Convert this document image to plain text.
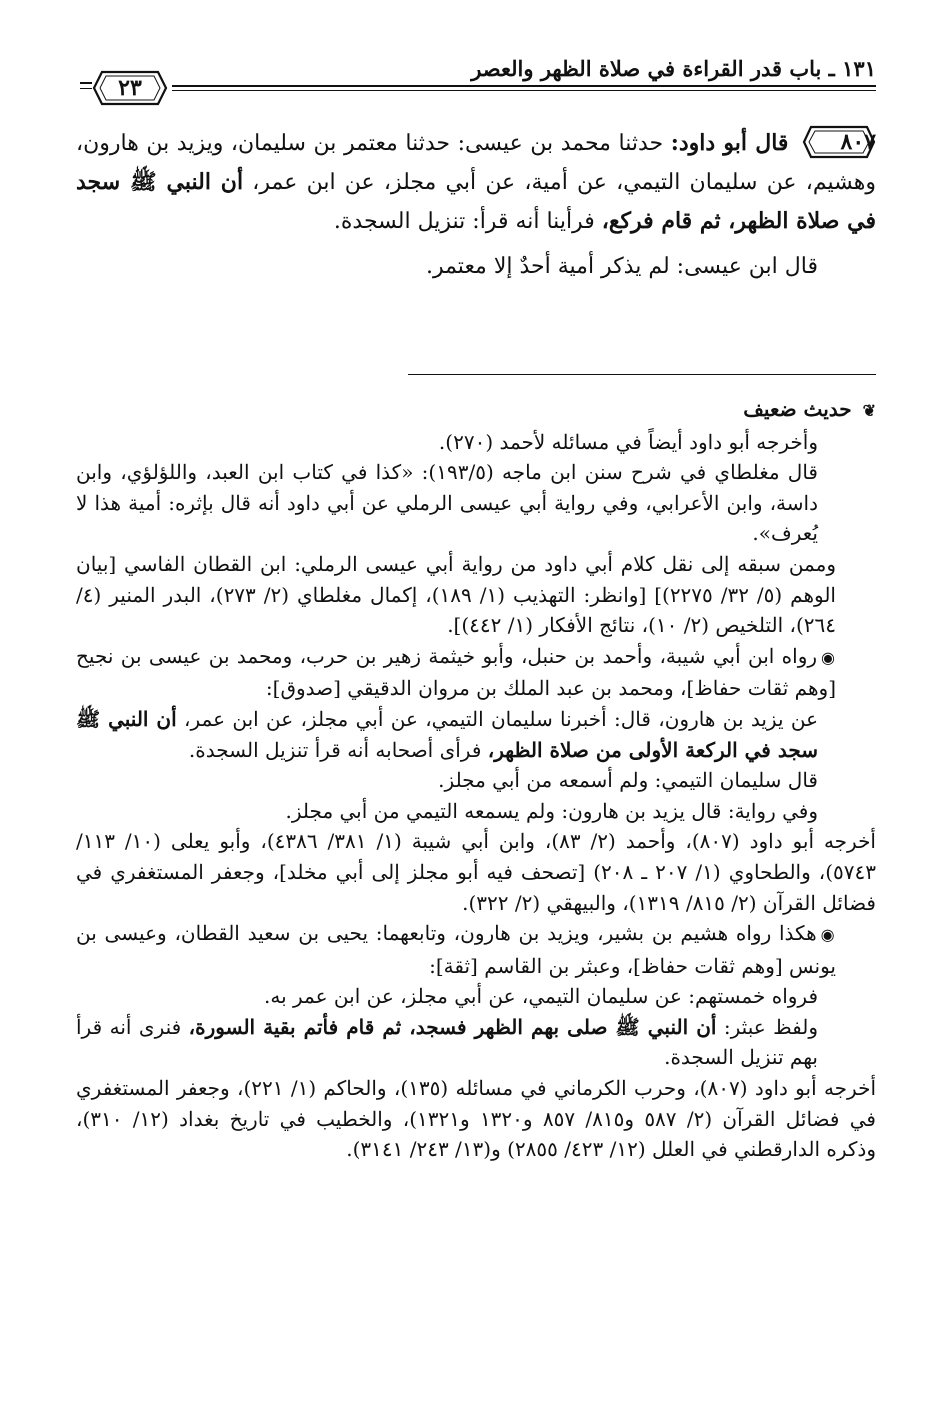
١٣١ ـ باب قدر القراءة في صلاة الظهر والعصر
٢٣

٨٠٧
قال أبو داود: حدثنا محمد بن عيسى: حدثنا معتمر بن سليمان، ويزيد بن هارون، وهشيم، عن سليمان التيمي، عن أمية، عن أبي مجلز، عن ابن عمر، أن النبي ﷺ سجد في صلاة الظهر، ثم قام فركع، فرأينا أنه قرأ: تنزيل السجدة.

قال ابن عيسى: لم يذكر أمية أحدٌ إلا معتمر.

❦ حديث ضعيف

وأخرجه أبو داود أيضاً في مسائله لأحمد (٢٧٠).

قال مغلطاي في شرح سنن ابن ماجه (١٩٣/٥): «كذا في كتاب ابن العبد، واللؤلؤي، وابن داسة، وابن الأعرابي، وفي رواية أبي عيسى الرملي عن أبي داود أنه قال بإثره: أمية هذا لا يُعرف».

وممن سبقه إلى نقل كلام أبي داود من رواية أبي عيسى الرملي: ابن القطان الفاسي [بيان الوهم (٥/ ٣٢/ ٢٢٧٥)] [وانظر: التهذيب (١/ ١٨٩)، إكمال مغلطاي (٢/ ٢٧٣)، البدر المنير (٤/ ٢٦٤)، التلخيص (٢/ ١٠)، نتائج الأفكار (١/ ٤٤٢)].

◉رواه ابن أبي شيبة، وأحمد بن حنبل، وأبو خيثمة زهير بن حرب، ومحمد بن عيسى بن نجيح [وهم ثقات حفاظ]، ومحمد بن عبد الملك بن مروان الدقيقي [صدوق]:

عن يزيد بن هارون، قال: أخبرنا سليمان التيمي، عن أبي مجلز، عن ابن عمر، أن النبي ﷺ سجد في الركعة الأولى من صلاة الظهر، فرأى أصحابه أنه قرأ تنزيل السجدة.

قال سليمان التيمي: ولم أسمعه من أبي مجلز.

وفي رواية: قال يزيد بن هارون: ولم يسمعه التيمي من أبي مجلز.

أخرجه أبو داود (٨٠٧)، وأحمد (٢/ ٨٣)، وابن أبي شيبة (١/ ٣٨١/ ٤٣٨٦)، وأبو يعلى (١٠/ ١١٣/ ٥٧٤٣)، والطحاوي (١/ ٢٠٧ ـ ٢٠٨) [تصحف فيه أبو مجلز إلى أبي مخلد]، وجعفر المستغفري في فضائل القرآن (٢/ ٨١٥/ ١٣١٩)، والبيهقي (٢/ ٣٢٢).

◉هكذا رواه هشيم بن بشير، ويزيد بن هارون، وتابعهما: يحيى بن سعيد القطان، وعيسى بن يونس [وهم ثقات حفاظ]، وعبثر بن القاسم [ثقة]:

فرواه خمستهم: عن سليمان التيمي، عن أبي مجلز، عن ابن عمر به.

ولفظ عبثر: أن النبي ﷺ صلى بهم الظهر فسجد، ثم قام فأتم بقية السورة، فنرى أنه قرأ بهم تنزيل السجدة.

أخرجه أبو داود (٨٠٧)، وحرب الكرماني في مسائله (١٣٥)، والحاكم (١/ ٢٢١)، وجعفر المستغفري في فضائل القرآن (٢/ ٥٨٧ و٨١٥/ ٨٥٧ و١٣٢٠ و١٣٢١)، والخطيب في تاريخ بغداد (١٢/ ٣١٠)، وذكره الدارقطني في العلل (١٢/ ٤٢٣/ ٢٨٥٥) و(١٣/ ٢٤٣/ ٣١٤١).
